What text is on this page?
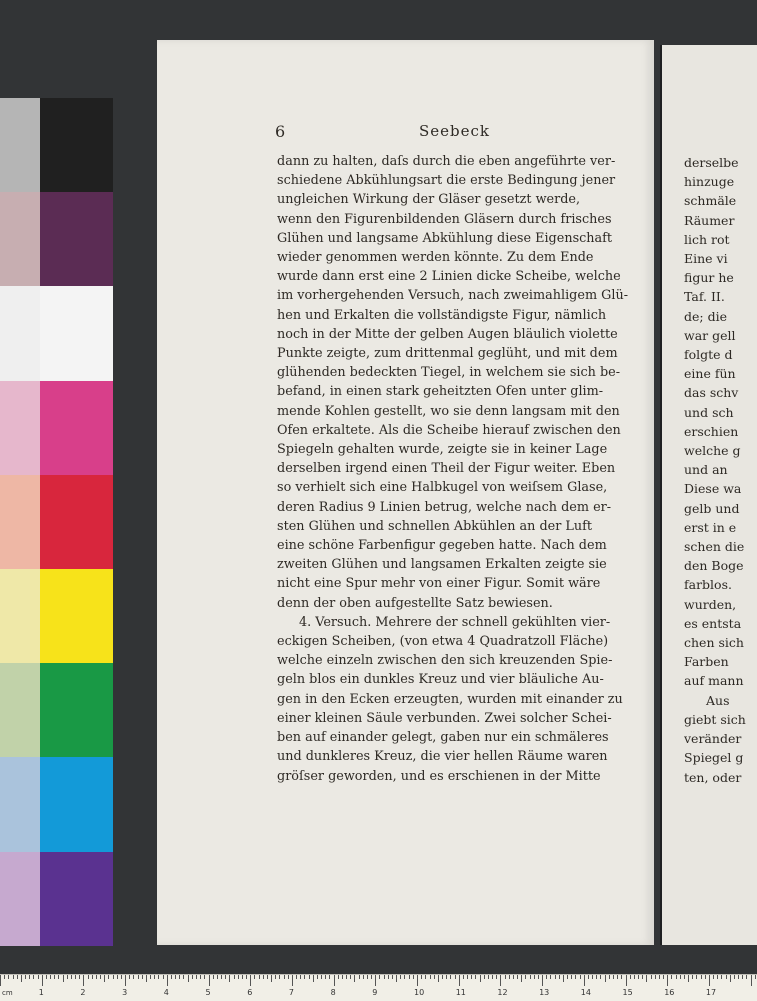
6	Seebeck
dann zu halten, daſs durch die eben angeführte ver-
schiedene Abkühlungsart die erste Bedingung jener
ungleichen Wirkung der Gläser gesetzt werde,
wenn den Figurenbildenden Gläsern durch frisches
Glühen und langsame Abkühlung diese Eigenschaft
wieder genommen werden könnte. Zu dem Ende
wurde dann erst eine 2 Linien dicke Scheibe, welche
im vorhergehenden Versuch, nach zweimahligem Glü-
hen und Erkalten die vollständigste Figur, nämlich
noch in der Mitte der gelben Augen bläulich violette
Punkte zeigte, zum drittenmal geglüht, und mit dem
glühenden bedeckten Tiegel, in welchem sie sich be-
befand, in einen stark geheitzten Ofen unter glim-
mende Kohlen gestellt, wo sie denn langsam mit den
Ofen erkaltete. Als die Scheibe hierauf zwischen den
Spiegeln gehalten wurde, zeigte sie in keiner Lage
derselben irgend einen Theil der Figur weiter. Eben
so verhielt sich eine Halbkugel von weiſsem Glase,
deren Radius 9 Linien betrug, welche nach dem er-
sten Glühen und schnellen Abkühlen an der Luft
eine schöne Farbenfigur gegeben hatte. Nach dem
zweiten Glühen und langsamen Erkalten zeigte sie
nicht eine Spur mehr von einer Figur. Somit wäre
denn der oben aufgestellte Satz bewiesen.
4. Versuch. Mehrere der schnell gekühlten vier-
eckigen Scheiben, (von etwa 4 Quadratzoll Fläche)
welche einzeln zwischen den sich kreuzenden Spie-
geln blos ein dunkles Kreuz und vier bläuliche Au-
gen in den Ecken erzeugten, wurden mit einander zu
einer kleinen Säule verbunden. Zwei solcher Schei-
ben auf einander gelegt, gaben nur ein schmäleres
und dunkleres Kreuz, die vier hellen Räume waren
gröſser geworden, und es erschienen in der Mitte
derselbe
hinzuge
schmäle
Räumer
lich rot
Eine vi
figur he
Taf. II.
de; die
war gell
folgte d
eine fün
das schv
und sch
erschien
welche g
und an
Diese wa
gelb und
erst in e
schen die
den Boge
farblos.
wurden,
es entsta
chen sich
Farben
auf mann
Aus
giebt sich
veränder
Spiegel g
ten, oder
cm	1	2	3	4	5	6	7	8	9	10	11	12	13	14	15	16	17
